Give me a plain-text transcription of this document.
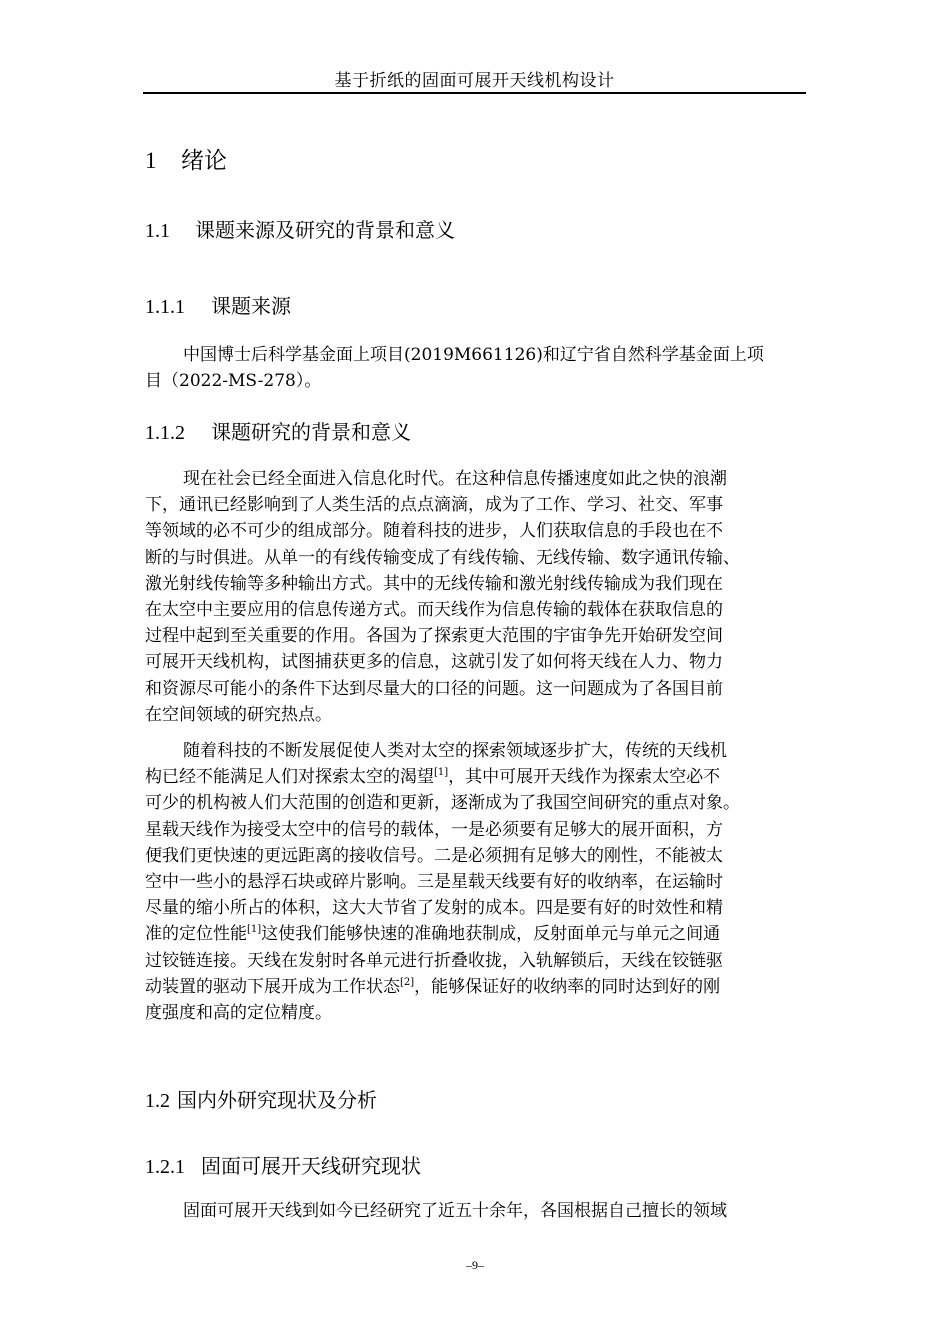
基于折纸的固面可展开天线机构设计
1 绪论
1.1 课题来源及研究的背景和意义
1.1.1 课题来源
中国博士后科学基金面上项目(2019M661126)和辽宁省自然科学基金面上项
目（2022-MS-278）。
1.1.2 课题研究的背景和意义
现在社会已经全面进入信息化时代。在这种信息传播速度如此之快的浪潮
下，通讯已经影响到了人类生活的点点滴滴，成为了工作、学习、社交、军事
等领域的必不可少的组成部分。随着科技的进步，人们获取信息的手段也在不
断的与时俱进。从单一的有线传输变成了有线传输、无线传输、数字通讯传输、
激光射线传输等多种输出方式。其中的无线传输和激光射线传输成为我们现在
在太空中主要应用的信息传递方式。而天线作为信息传输的载体在获取信息的
过程中起到至关重要的作用。各国为了探索更大范围的宇宙争先开始研发空间
可展开天线机构，试图捕获更多的信息，这就引发了如何将天线在人力、物力
和资源尽可能小的条件下达到尽量大的口径的问题。这一问题成为了各国目前
在空间领域的研究热点。
随着科技的不断发展促使人类对太空的探索领域逐步扩大，传统的天线机
构已经不能满足人们对探索太空的渴望[1]，其中可展开天线作为探索太空必不
可少的机构被人们大范围的创造和更新，逐渐成为了我国空间研究的重点对象。
星载天线作为接受太空中的信号的载体，一是必须要有足够大的展开面积，方
便我们更快速的更远距离的接收信号。二是必须拥有足够大的刚性，不能被太
空中一些小的悬浮石块或碎片影响。三是星载天线要有好的收纳率，在运输时
尽量的缩小所占的体积，这大大节省了发射的成本。四是要有好的时效性和精
准的定位性能[1]这使我们能够快速的准确地获制成，反射面单元与单元之间通
过铰链连接。天线在发射时各单元进行折叠收拢，入轨解锁后，天线在铰链驱
动装置的驱动下展开成为工作状态[2]，能够保证好的收纳率的同时达到好的刚
度强度和高的定位精度。
1.2 国内外研究现状及分析
1.2.1 固面可展开天线研究现状
固面可展开天线到如今已经研究了近五十余年，各国根据自己擅长的领域
–9–
